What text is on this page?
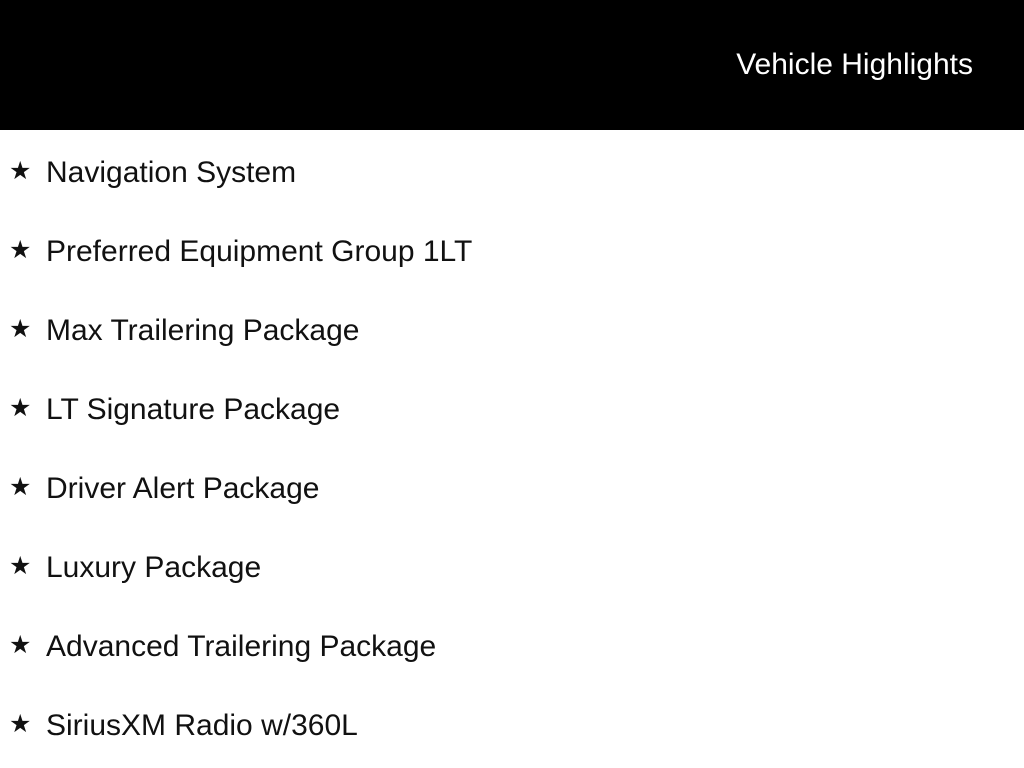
Vehicle Highlights
★ Navigation System
★ Preferred Equipment Group 1LT
★ Max Trailering Package
★ LT Signature Package
★ Driver Alert Package
★ Luxury Package
★ Advanced Trailering Package
★ SiriusXM Radio w/360L
